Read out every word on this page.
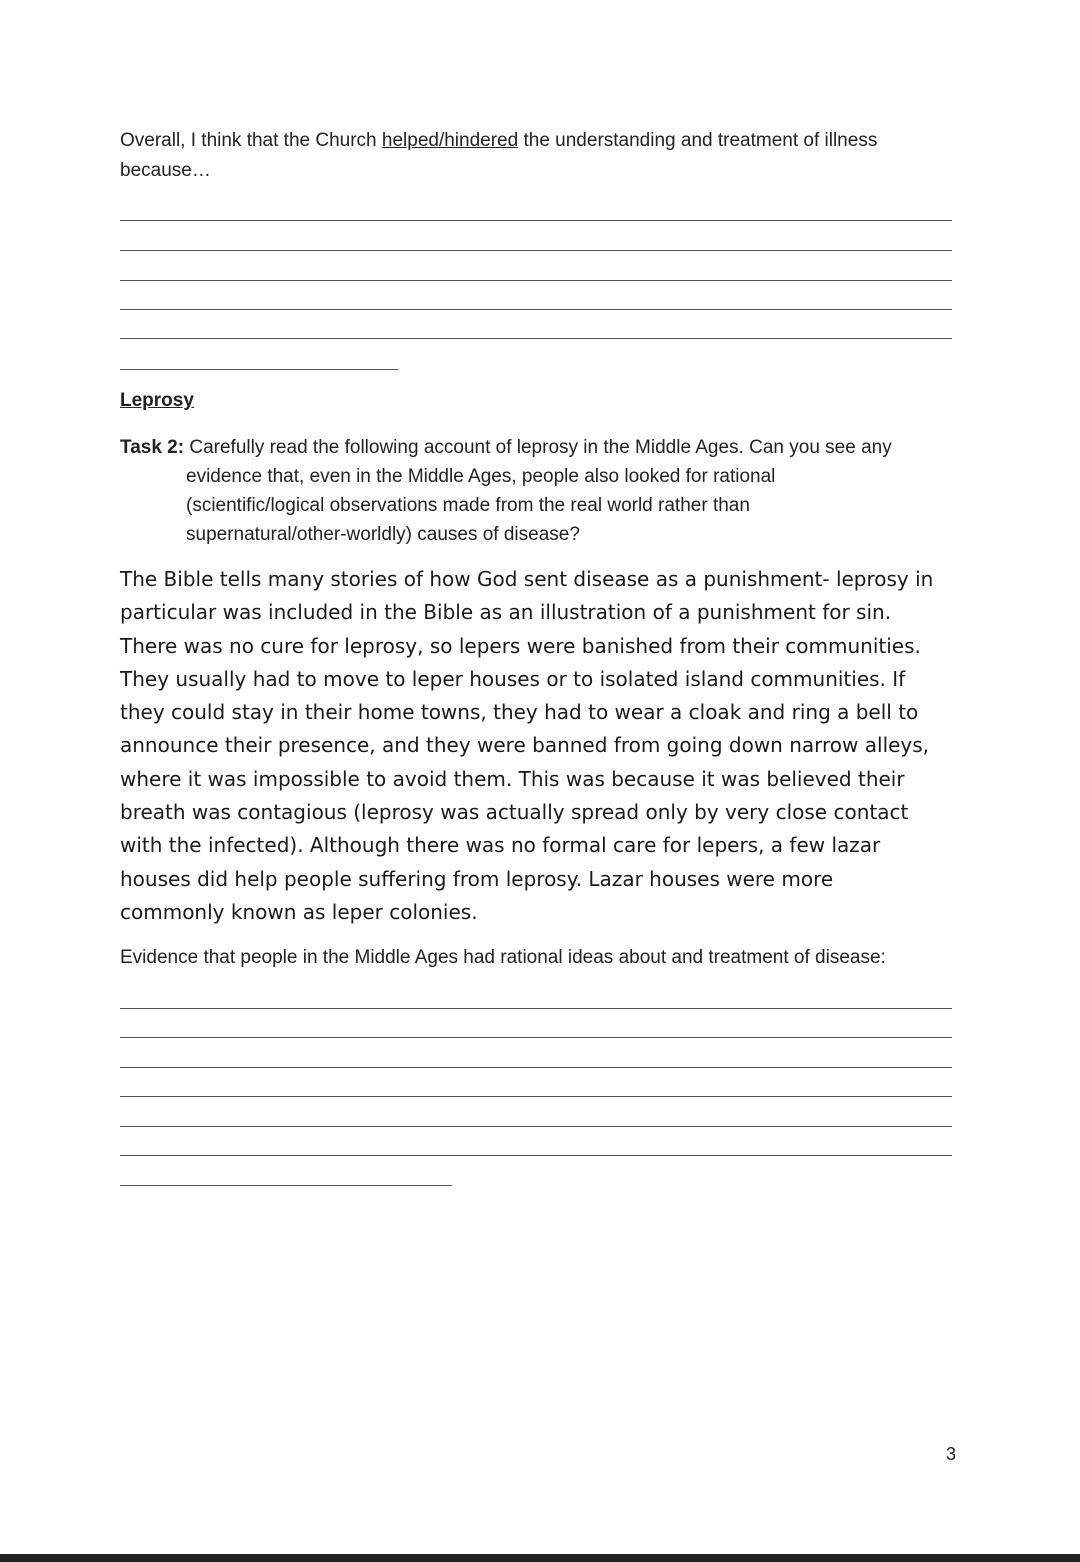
Overall, I think that the Church helped/hindered the understanding and treatment of illness
because…
Leprosy
Task 2: Carefully read the following account of leprosy in the Middle Ages. Can you see any
evidence that, even in the Middle Ages, people also looked for rational
(scientific/logical observations made from the real world rather than
supernatural/other-worldly) causes of disease?
The Bible tells many stories of how God sent disease as a punishment- leprosy in
particular was included in the Bible as an illustration of a punishment for sin.
There was no cure for leprosy, so lepers were banished from their communities.
They usually had to move to leper houses or to isolated island communities. If
they could stay in their home towns, they had to wear a cloak and ring a bell to
announce their presence, and they were banned from going down narrow alleys,
where it was impossible to avoid them. This was because it was believed their
breath was contagious (leprosy was actually spread only by very close contact
with the infected). Although there was no formal care for lepers, a few lazar
houses did help people suffering from leprosy. Lazar houses were more
commonly known as leper colonies.
Evidence that people in the Middle Ages had rational ideas about and treatment of disease:
3
